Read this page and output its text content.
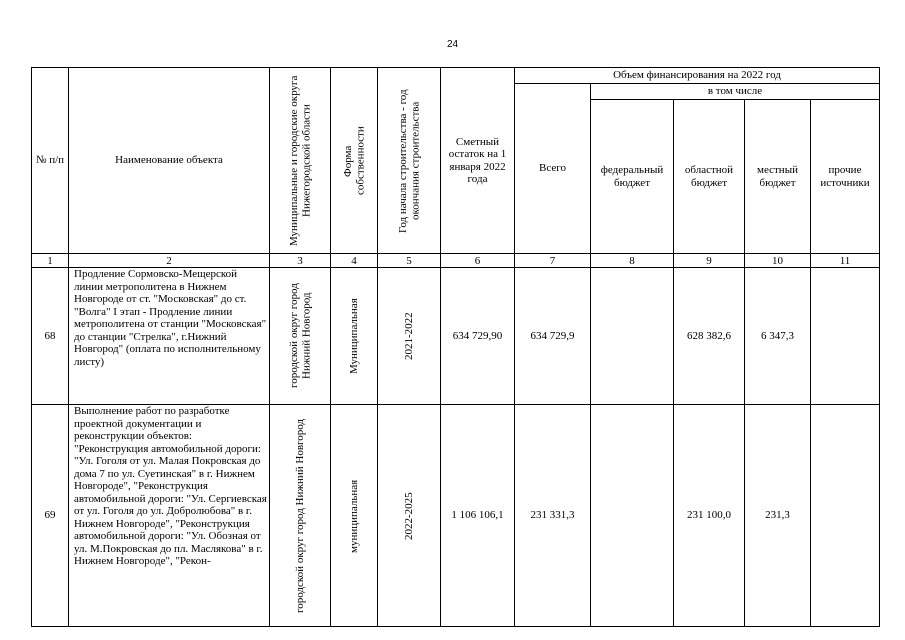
24
№ п/п	Наименование объекта	Муниципальные и городские округа Нижегородской области	Форма собственности	Год начала строительства - год окончания строительства	Сметный остаток на 1 января 2022 года	Объем финансирования на 2022 год				
						Всего	в том числе			
							федеральный бюджет	областной бюджет	местный бюджет	прочие источники
1	2	3	4	5	6	7	8	9	10	11
68	Продление Сормовско-Мещерской линии метрополитена в Нижнем Новгороде от ст. "Московская" до ст. "Волга" I этап - Продление линии метрополитена от станции "Московская" до станции "Стрелка", г.Нижний Новгород" (оплата по исполнительному листу)	городской округ город Нижний Новгород	Муниципальная	2021-2022	634 729,90	634 729,9		628 382,6	6 347,3	
69	Выполнение работ по разработке проектной документации и реконструкции объектов: "Реконструкция автомобильной дороги: "Ул. Гоголя от ул. Малая Покровская до дома 7 по ул. Суетинская" в г. Нижнем Новгороде", "Реконструкция автомобильной дороги: "Ул. Сергиевская от ул. Гоголя до ул. Добролюбова" в г. Нижнем Новгороде", "Реконструкция автомобильной дороги: "Ул. Обозная от ул. М.Покровская до пл. Маслякова" в г. Нижнем Новгороде", "Рекон-	городской округ город Нижний Новгород	муниципальная	2022-2025	1 106 106,1	231 331,3		231 100,0	231,3	
